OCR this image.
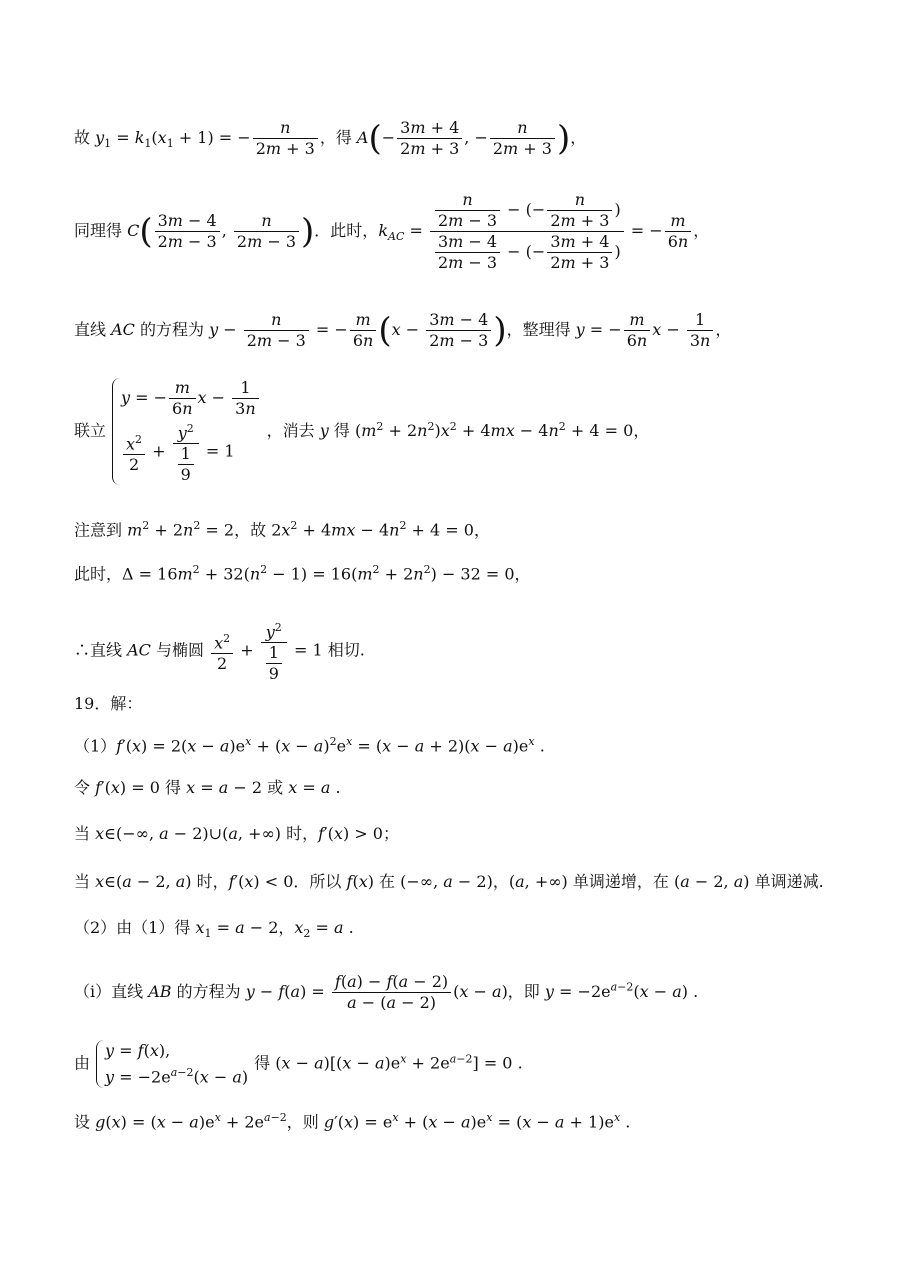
故 $y_1 = k_1(x_1 + 1)$ = − $\frac{n}{2m + 3}$ ，得 $A(- \frac{3m + 4}{2m + 3}$ , − $\frac{n}{2m + 3}$ )，
同理得 $C( \frac{3m - 4}{2m - 3}$ , $\frac{n}{2m - 3}$ )．此时，$k_{AC} = \frac{\frac{n}{2m - 3} - (- \frac{n}{2m + 3} )}{\frac{3m - 4}{2m - 3} - (- \frac{3m + 4}{2m + 3} )}$ = − $\frac{m}{6n}$ ，
直线 AC 的方程为 $y - \frac{n}{2m - 3}$ = − $\frac{m}{6n} (x - \frac{3m - 4}{2m - 3}$ )，整理得 y = − $\frac{m}{6n}$ $x - \frac{1}{3n}$ ，
联立
y = − $\frac{m}{6n}$ $x - \frac{1}{3n}$
$\frac{x^2}{2} + \frac{y^2}{\frac{1}{9}} = 1$
，消去 y 得 $(m^2 + 2n^2)x^2 + 4mx - 4n^2 + 4 = 0$，
注意到 $m^2 + 2n^2 = 2$，故 $2x^2 + 4mx - 4n^2 + 4 = 0$，
此时，$\Delta = 16m^2 + 32(n^2 - 1) = 16(m^2 + 2n^2) - 32 = 0$，
∴直线 AC 与椭圆 $\frac{x^2}{2} + \frac{y^2}{\frac{1}{9}} = 1$ 相切.
19．解：
$(1)f'(x) = 2(x - a)e^x + (x - a)^2e^x = (x - a + 2)(x - a)e^x$ .
令 f′(x) = 0 得 x = a − 2 或 x = a .
当 x∈(−∞, a − 2)∪(a, +∞) 时，f′(x) > 0；
当 x∈(a − 2, a) 时，f′(x) < 0．所以 f(x) 在 (−∞, a − 2)，(a, +∞) 单调递增，在 (a − 2, a) 单调递减.
（2）由（1）得 $x_1 = a - 2$，$x_2 = a$ .
（ⅰ）直线 AB 的方程为 $y - f(a) = \frac{f(a) - f(a - 2)}{a - (a - 2)} (x - a)$，即 $y = -2e^{a-2}(x - a)$ .
由
y = f(x),
$y = -2e^{a-2}(x - a)$
得 $(x - a)[(x - a)e^x + 2e^{a-2}] = 0$ .
设 $g(x) = (x - a)e^x + 2e^{a-2}$，则 $g'(x) = e^x + (x - a)e^x = (x - a + 1)e^x$ .
